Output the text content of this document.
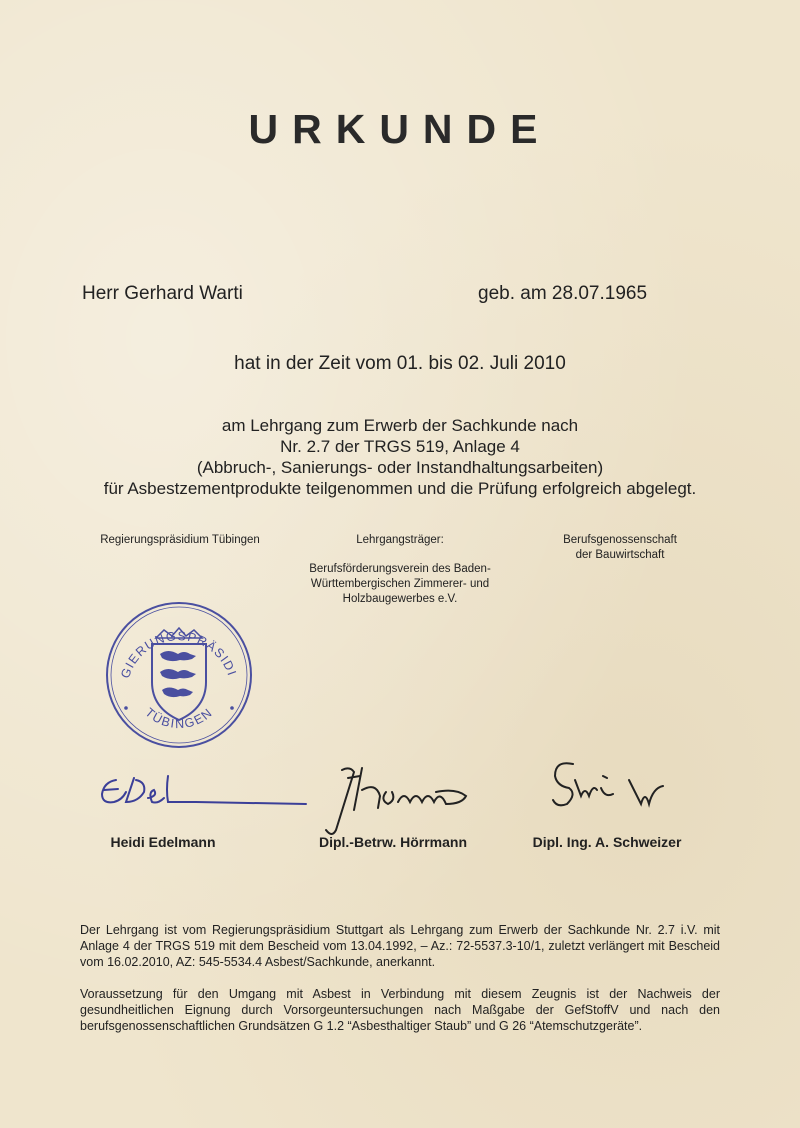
URKUNDE
Herr Gerhard Warti	geb. am 28.07.1965
hat in der Zeit vom 01. bis 02. Juli 2010
am Lehrgang zum Erwerb der Sachkunde nach
Nr. 2.7 der TRGS 519, Anlage 4
(Abbruch-, Sanierungs- oder Instandhaltungsarbeiten)
für Asbestzementprodukte teilgenommen und die Prüfung erfolgreich abgelegt.
Regierungspräsidium Tübingen	Lehrgangsträger:
Berufsförderungsverein des Baden-
Württembergischen Zimmerer- und
Holzbaugewerbes e.V.
Berufsgenossenschaft
der Bauwirtschaft
REGIERUNGSPRÄSIDIUM
TÜBINGEN
Heidi Edelmann	Dipl.-Betrw. Hörrmann	Dipl. Ing. A. Schweizer
Der Lehrgang ist vom Regierungspräsidium Stuttgart als Lehrgang zum Erwerb der Sachkunde Nr. 2.7 i.V. mit Anlage 4 der TRGS 519 mit dem Bescheid vom 13.04.1992, – Az.: 72-5537.3-10/1, zuletzt verlängert mit Bescheid vom 16.02.2010, AZ: 545-5534.4 Asbest/Sachkunde, anerkannt.
Voraussetzung für den Umgang mit Asbest in Verbindung mit diesem Zeugnis ist der Nachweis der gesundheitlichen Eignung durch Vorsorgeuntersuchungen nach Maßgabe der GefStoffV und nach den berufsgenossenschaftlichen Grundsätzen G 1.2 “Asbesthaltiger Staub” und G 26 “Atemschutzgeräte”.
